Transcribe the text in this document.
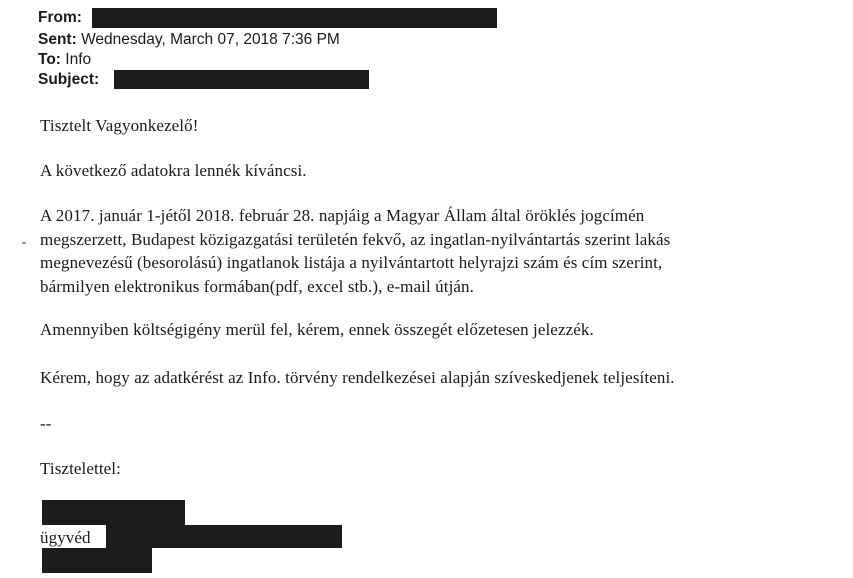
From:
Sent: Wednesday, March 07, 2018 7:36 PM
To: Info
Subject:
Tisztelt Vagyonkezelő!
A következő adatokra lennék kíváncsi.
A 2017. január 1-jétől 2018. február 28. napjáig a Magyar Állam által öröklés jogcímén
megszerzett, Budapest közigazgatási területén fekvő, az ingatlan-nyilvántartás szerint lakás
megnevezésű (besorolású) ingatlanok listája a nyilvántartott helyrajzi szám és cím szerint,
bármilyen elektronikus formában(pdf, excel stb.), e-mail útján.
Amennyiben költségigény merül fel, kérem, ennek összegét előzetesen jelezzék.
Kérem, hogy az adatkérést az Info. törvény rendelkezései alapján szíveskedjenek teljesíteni.
--
Tisztelettel:
ügyvéd
